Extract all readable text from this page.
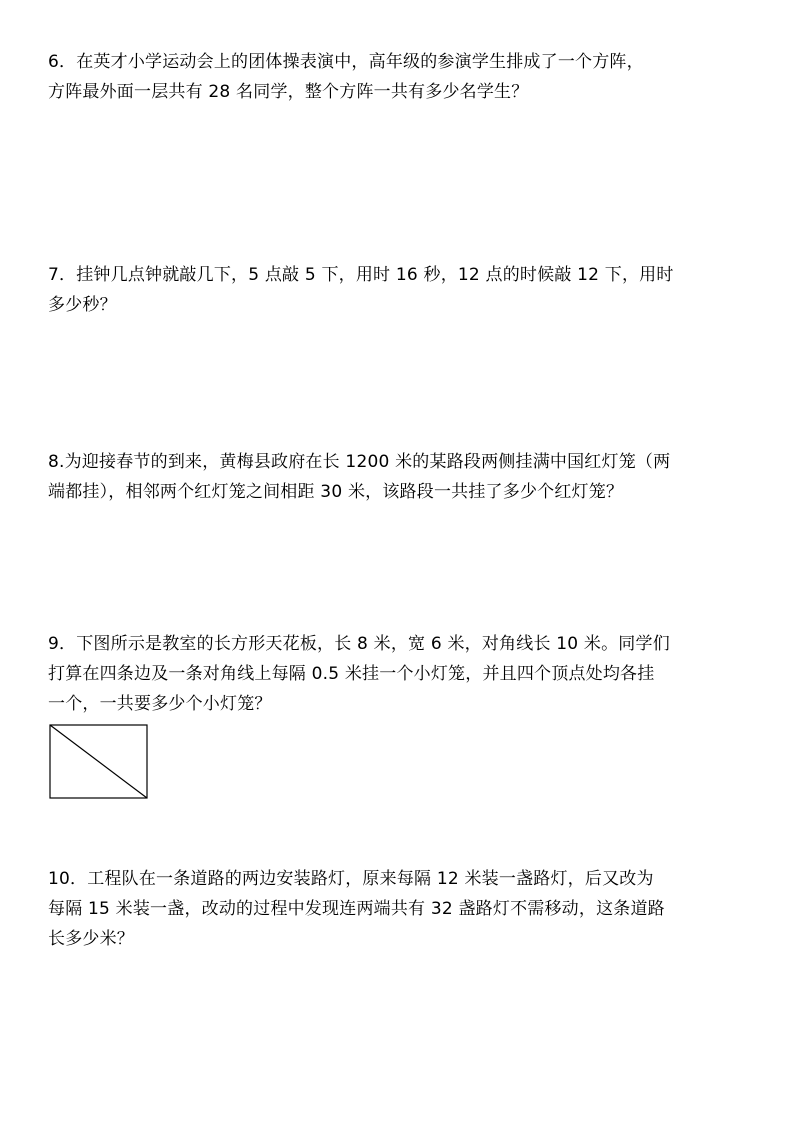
6．在英才小学运动会上的团体操表演中，高年级的参演学生排成了一个方阵，

方阵最外面一层共有 28 名同学，整个方阵一共有多少名学生？

7．挂钟几点钟就敲几下，5 点敲 5 下，用时 16 秒，12 点的时候敲 12 下，用时

多少秒？

8.为迎接春节的到来，黄梅县政府在长 1200 米的某路段两侧挂满中国红灯笼（两

端都挂），相邻两个红灯笼之间相距 30 米，该路段一共挂了多少个红灯笼？

9．下图所示是教室的长方形天花板，长 8 米，宽 6 米，对角线长 10 米。同学们

打算在四条边及一条对角线上每隔 0.5 米挂一个小灯笼，并且四个顶点处均各挂

一个，一共要多少个小灯笼？

10．工程队在一条道路的两边安装路灯，原来每隔 12 米装一盏路灯，后又改为

每隔 15 米装一盏，改动的过程中发现连两端共有 32 盏路灯不需移动，这条道路

长多少米？
